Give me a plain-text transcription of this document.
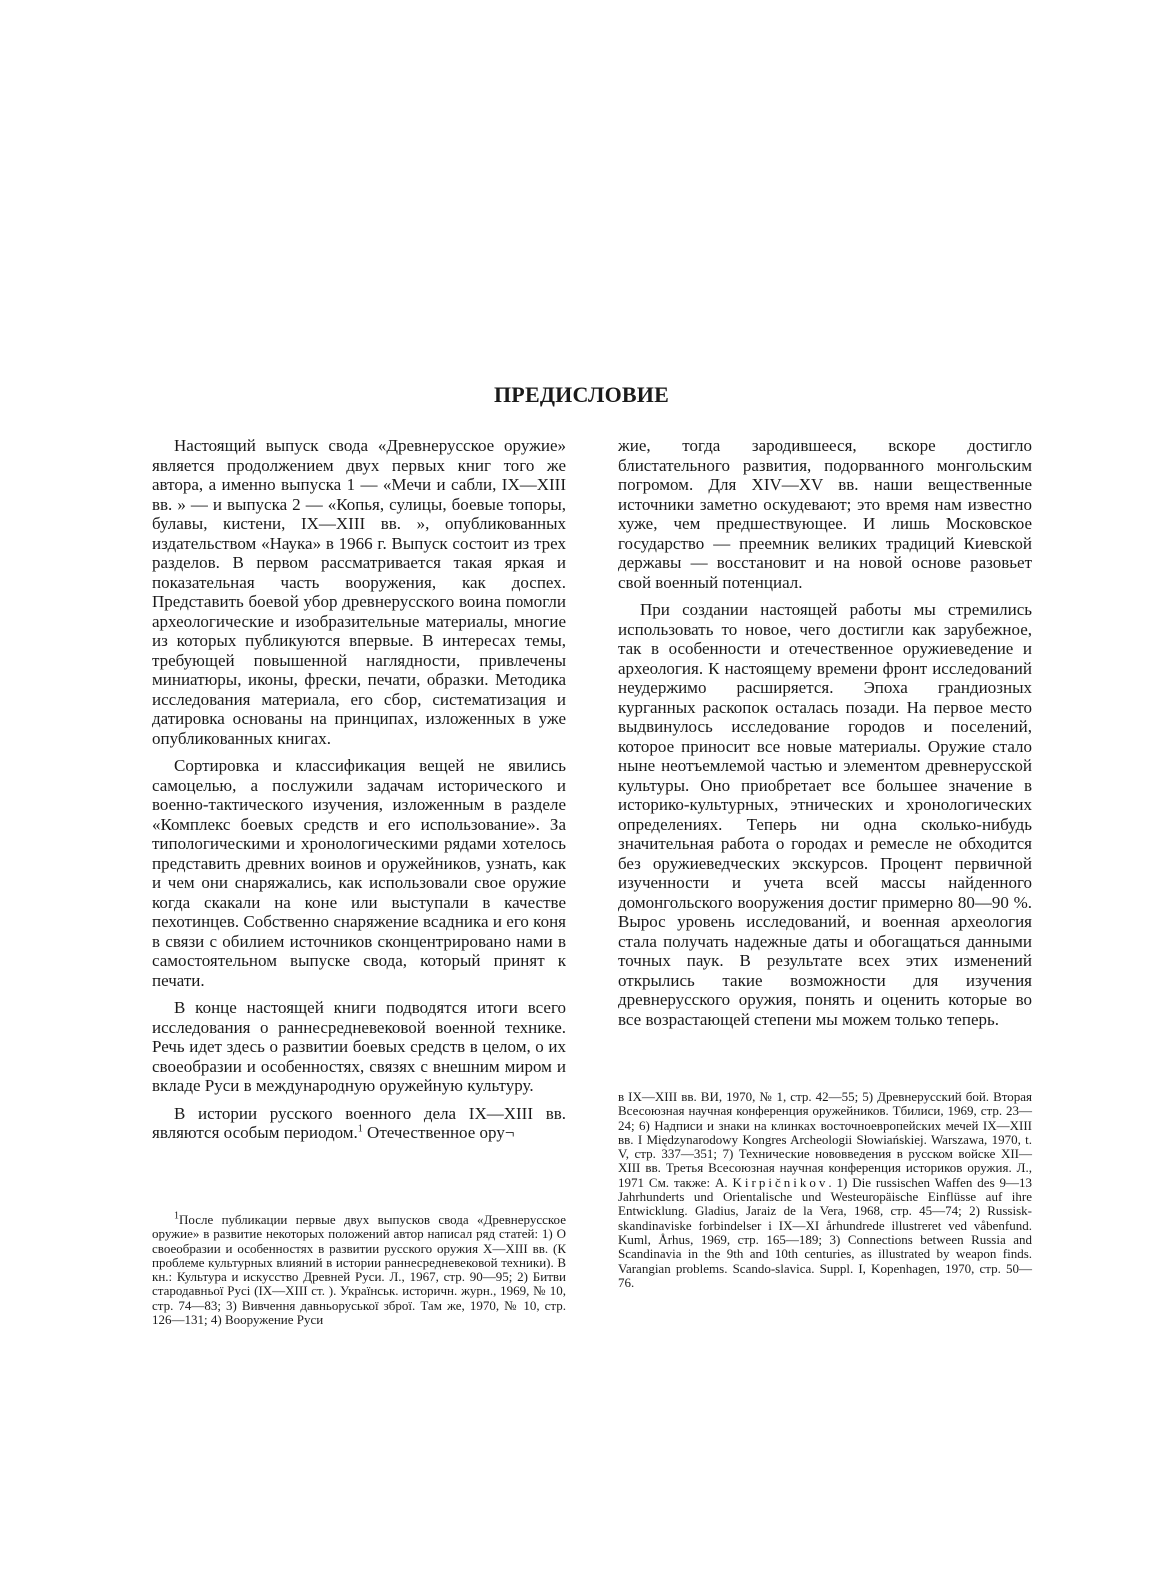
ПРЕДИСЛОВИЕ

Настоящий выпуск свода «Древнерусское оружие» является продолжением двух первых книг того же автора, а именно выпуска 1 — «Мечи и сабли, IX—XIII вв. » — и выпуска 2 — «Копья, сулицы, боевые топоры, булавы, кистени, IX—XIII вв. », опубликованных издательством «Наука» в 1966 г. Выпуск состоит из трех разделов. В первом рассматривается такая яркая и показательная часть вооружения, как доспех. Представить боевой убор древнерусского воина помогли археологические и изобразительные материалы, многие из которых публикуются впервые. В интересах темы, требующей повышенной наглядности, привлечены миниатюры, иконы, фрески, печати, образки. Методика исследования материала, его сбор, систематизация и датировка основаны на принципах, изложенных в уже опубликованных книгах.

Сортировка и классификация вещей не явились самоцелью, а послужили задачам исторического и военно-тактического изучения, изложенным в разделе «Комплекс боевых средств и его использование». За типологическими и хронологическими рядами хотелось представить древних воинов и оружейников, узнать, как и чем они снаряжались, как использовали свое оружие когда скакали на коне или выступали в качестве пехотинцев. Собственно снаряжение всадника и его коня в связи с обилием источников сконцентрировано нами в самостоятельном выпуске свода, который принят к печати.

В конце настоящей книги подводятся итоги всего исследования о раннесредневековой военной технике. Речь идет здесь о развитии боевых средств в целом, о их своеобразии и особенностях, связях с внешним миром и вкладе Руси в международную оружейную культуру.

В истории русского военного дела IX—XIII вв. являются особым периодом.$^1$ Отечественное ору¬

жие, тогда зародившееся, вскоре достигло блистательного развития, подорванного монгольским погромом. Для XIV—XV вв. наши вещественные источники заметно оскудевают; это время нам известно хуже, чем предшествующее. И лишь Московское государство — преемник великих традиций Киевской державы — восстановит и на новой основе разовьет свой военный потенциал.

При создании настоящей работы мы стремились использовать то новое, чего достигли как зарубежное, так в особенности и отечественное оружиеведение и археология. К настоящему времени фронт исследований неудержимо расширяется. Эпоха грандиозных курганных раскопок осталась позади. На первое место выдвинулось исследование городов и поселений, которое приносит все новые материалы. Оружие стало ныне неотъемлемой частью и элементом древнерусской культуры. Оно приобретает все большее значение в историко-культурных, этнических и хронологических определениях. Теперь ни одна сколько-нибудь значительная работа о городах и ремесле не обходится без оружиеведческих экскурсов. Процент первичной изученности и учета всей массы найденного домонгольского вооружения достиг примерно 80—90 %. Вырос уровень исследований, и военная археология стала получать надежные даты и обогащаться данными точных паук. В результате всех этих изменений открылись такие возможности для изучения древнерусского оружия, понять и оценить которые во все возрастающей степени мы можем только теперь.

$^1$После публикации первые двух выпусков свода «Древнерусское оружие» в развитие некоторых положений автор написал ряд статей: 1) О своеобразии и особенностях в развитии русского оружия X—XIII вв. (К проблеме культурных влияний в истории раннесредневековой техники). В кн.: Культура и искусство Древней Руси. Л., 1967, стр. 90—95; 2) Битви стародавньої Русі (IX—XIII ст. ). Українськ. историчн. журн., 1969, № 10, стр. 74—83; 3) Вивчення давньоруської зброї. Там же, 1970, № 10, стр. 126—131; 4) Вооружение Руси

в IX—XIII вв. ВИ, 1970, № 1, стр. 42—55; 5) Древнерусский бой. Вторая Всесоюзная научная конференция оружейников. Тбилиси, 1969, стр. 23—24; 6) Надписи и знаки на клинках восточноевропейских мечей IX—XIII вв. I Międzynarodowy Kongres Archeologii Słowiańskiej. Warszawa, 1970, t. V, стр. 337—351; 7) Технические нововведения в русском войске XII—XIII вв. Третья Всесоюзная научная конференция историков оружия. Л., 1971 См. также: A. Kirpičnikov. 1) Die russischen Waffen des 9—13 Jahrhunderts und Orientalische und Westeuropäische Einflüsse auf ihre Entwicklung. Gladius, Jaraiz de la Vera, 1968, стр. 45—74; 2) Russisk-skandinaviske forbindelser i IX—XI århundrede illustreret ved våbenfund. Kuml, Århus, 1969, стр. 165—189; 3) Connections between Russia and Scandinavia in the 9th and 10th centuries, as illustrated by weapon finds. Varangian problems. Scando-slavica. Suppl. I, Kopenhagen, 1970, стр. 50—76.
